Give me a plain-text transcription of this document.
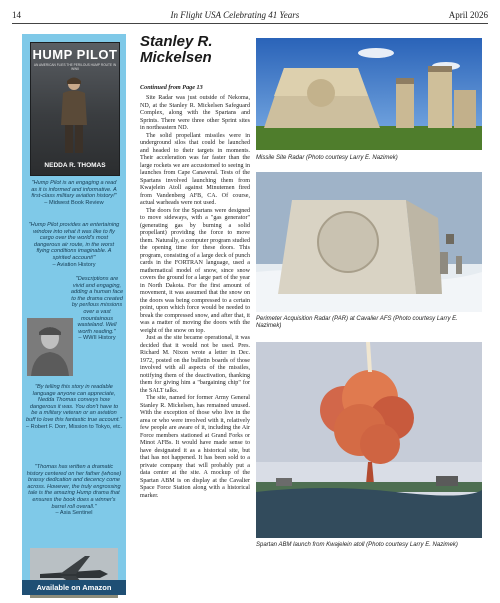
14	In Flight USA Celebrating 41 Years	April 2026
HUMP PILOT
AN AMERICAN FLIES THE PERILOUS HUMP ROUTE IN WWII
NEDDA R. THOMAS
"Hump Pilot is an engaging a read as it is informed and informative. A first-class military aviation history!"
– Midwest Book Review
"Hump Pilot provides an entertaining window into what it was like to fly cargo over the world's most dangerous air route, in the worst flying conditions imaginable. A spirited account!"
– Aviation History
"Descriptions are vivid and engaging, adding a human face to the drama created by perilous missions over a vast mountainous wasteland. Well worth reading."
– WWII History
"By telling this story in readable language anyone can appreciate, Nedda Thomas conveys how dangerous it was. You don't have to be a military veteran or an aviation buff to love this fantastic true account."
– Robert F. Dorr, Mission to Tokyo, etc.
"Thomas has written a dramatic history centered on her father (whose) brassy dedication and decency come across. However, the truly engrossing tale is the amazing Hump drama that ensures the book does a winner's barrel roll overall."
– Asia Sentinel
Available on Amazon
Stanley R. Mickelsen
Continued from Page 13

Site Radar was just outside of Nekoma, ND, at the Stanley R. Mickelsen Safeguard Complex, along with the Spartans and Sprints. There were three other Sprint sites in northeastern ND.

The solid propellant missiles were in underground silos that could be launched and headed to their targets in moments. Their acceleration was far faster than the large rockets we are accustomed to seeing in launches from Cape Canaveral. Tests of the Spartans involved launching them from Kwajelein Atoll against Minutemen fired from Vandenberg AFB, CA. Of course, actual warheads were not used.

The doors for the Spartans were designed to move sideways, with a "gas generator" (generating gas by burning a solid propellant) providing the force to move them. Naturally, a computer program studied the opening time for these doors. This program, consisting of a large deck of punch cards in the FORTRAN language, used a mathematical model of snow, since snow covers the ground for a large part of the year in North Dakota. For the first amount of movement, it was assumed that the snow on the doors was being compressed to a certain point, upon which force would be needed to break the compressed snow, and after that, it was a matter of moving the doors with the weight of the snow on top.

Just as the site became operational, it was decided that it would not be used. Pres. Richard M. Nixon wrote a letter in Dec. 1972, posted on the bulletin boards of those involved with all aspects of the missiles, notifying them of the deactivation, thanking them for giving him a "bargaining chip" for the SALT talks.

The site, named for former Army General Stanley R. Mickelsen, has remained unused. With the exception of those who live in the area or who were involved with it, relatively few people are aware of it, including the Air Force members stationed at Grand Forks or Minot AFBs. It would have made sense to have designated it as a historical site, but that has not happened. It has been sold to a private company that will probably put a data center at the site. A mockup of the Spartan ABM is on display at the Cavalier Space Force Station along with a historical marker.

Missile Site Radar (Photo courtesy Larry E. Nazimek)
Perimeter Acquisition Radar (PAR) at Cavalier AFS (Photo courtesy Larry E. Nazimek)
Spartan ABM launch from Kwajelein atoll (Photo courtesy Larry E. Nazimek)
